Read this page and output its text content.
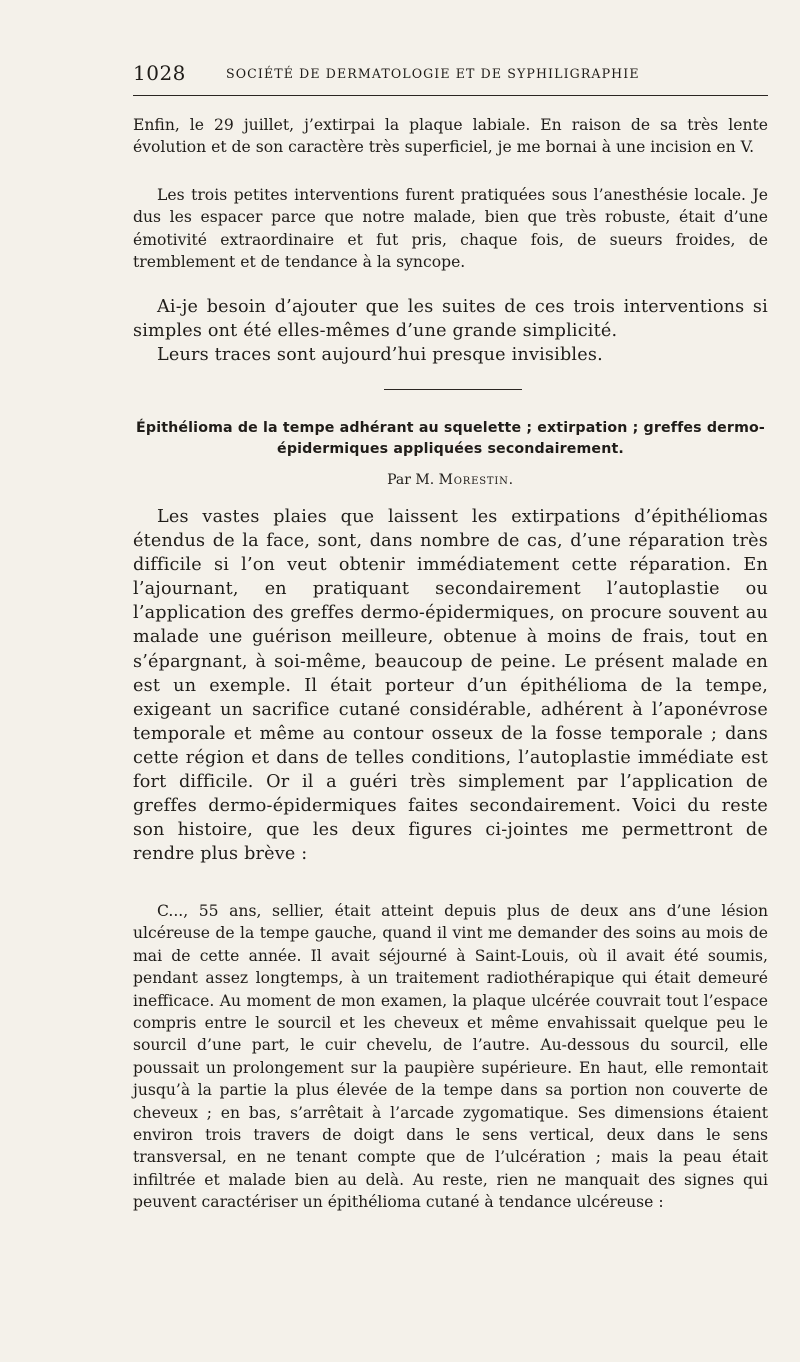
1028	SOCIÉTÉ DE DERMATOLOGIE ET DE SYPHILIGRAPHIE

Enfin, le 29 juillet, j’extirpai la plaque labiale. En raison de sa très lente évolution et de son caractère très superficiel, je me bornai à une incision en V.

Les trois petites interventions furent pratiquées sous l’anesthésie locale. Je dus les espacer parce que notre malade, bien que très robuste, était d’une émotivité extraordinaire et fut pris, chaque fois, de sueurs froides, de tremblement et de tendance à la syncope.

Ai-je besoin d’ajouter que les suites de ces trois interventions si simples ont été elles-mêmes d’une grande simplicité.

Leurs traces sont aujourd’hui presque invisibles.

Épithélioma de la tempe adhérant au squelette ; extirpation ; greffes dermo-épidermiques appliquées secondairement.
Par M. Morestin.

Les vastes plaies que laissent les extirpations d’épithéliomas étendus de la face, sont, dans nombre de cas, d’une réparation très difficile si l’on veut obtenir immédiatement cette réparation. En l’ajournant, en pratiquant secondairement l’autoplastie ou l’application des greffes dermo-épidermiques, on procure souvent au malade une guérison meilleure, obtenue à moins de frais, tout en s’épargnant, à soi-même, beaucoup de peine. Le présent malade en est un exemple. Il était porteur d’un épithélioma de la tempe, exigeant un sacrifice cutané considérable, adhérent à l’aponévrose temporale et même au contour osseux de la fosse temporale ; dans cette région et dans de telles conditions, l’autoplastie immédiate est fort difficile. Or il a guéri très simplement par l’application de greffes dermo-épidermiques faites secondairement. Voici du reste son histoire, que les deux figures ci-jointes me permettront de rendre plus brève :

C..., 55 ans, sellier, était atteint depuis plus de deux ans d’une lésion ulcéreuse de la tempe gauche, quand il vint me demander des soins au mois de mai de cette année. Il avait séjourné à Saint-Louis, où il avait été soumis, pendant assez longtemps, à un traitement radiothérapique qui était demeuré inefficace. Au moment de mon examen, la plaque ulcérée couvrait tout l’espace compris entre le sourcil et les cheveux et même envahissait quelque peu le sourcil d’une part, le cuir chevelu, de l’autre. Au-dessous du sourcil, elle poussait un prolongement sur la paupière supérieure. En haut, elle remontait jusqu’à la partie la plus élevée de la tempe dans sa portion non couverte de cheveux ; en bas, s’arrêtait à l’arcade zygomatique. Ses dimensions étaient environ trois travers de doigt dans le sens vertical, deux dans le sens transversal, en ne tenant compte que de l’ulcération ; mais la peau était infiltrée et malade bien au delà. Au reste, rien ne manquait des signes qui peuvent caractériser un épithélioma cutané à tendance ulcéreuse :
